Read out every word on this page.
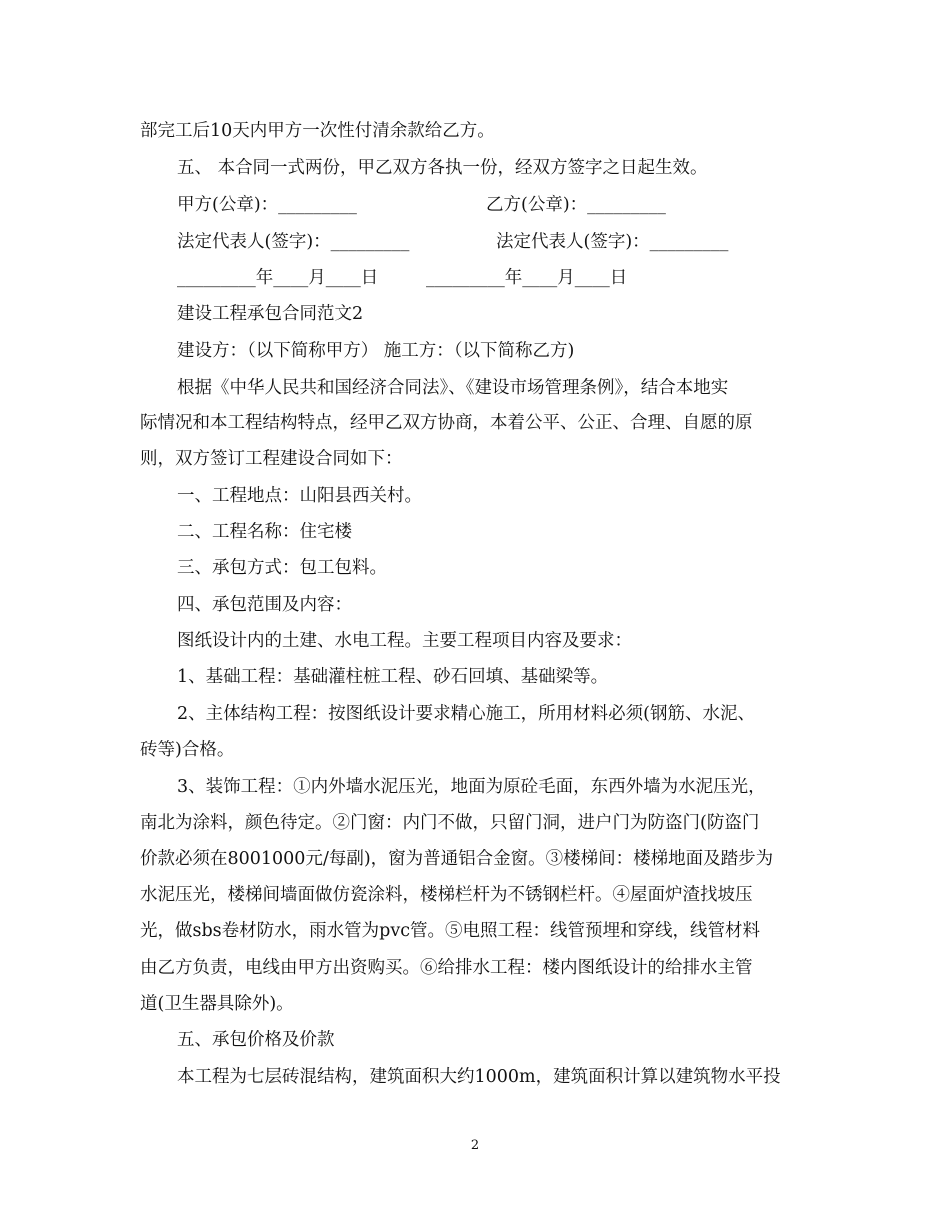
部完工后10天内甲方一次性付清余款给乙方。
五、 本合同一式两份，甲乙双方各执一份，经双方签字之日起生效。
甲方(公章)：_________	乙方(公章)：_________
法定代表人(签字)：_________	法定代表人(签字)：_________
_________年____月____日	_________年____月____日
建设工程承包合同范文2
建设方：（以下简称甲方） 施工方：（以下简称乙方)
根据《中华人民共和国经济合同法》、《建设市场管理条例》，结合本地实
际情况和本工程结构特点，经甲乙双方协商，本着公平、公正、合理、自愿的原
则，双方签订工程建设合同如下：
一、工程地点：山阳县西关村。
二、工程名称：住宅楼
三、承包方式：包工包料。
四、承包范围及内容：
图纸设计内的土建、水电工程。主要工程项目内容及要求：
1、基础工程：基础灌柱桩工程、砂石回填、基础梁等。
2、主体结构工程：按图纸设计要求精心施工，所用材料必须(钢筋、水泥、
砖等)合格。
3、装饰工程：①内外墙水泥压光，地面为原砼毛面，东西外墙为水泥压光，
南北为涂料，颜色待定。②门窗：内门不做，只留门洞，进户门为防盗门(防盗门
价款必须在8001000元/每副)，窗为普通铝合金窗。③楼梯间：楼梯地面及踏步为
水泥压光，楼梯间墙面做仿瓷涂料，楼梯栏杆为不锈钢栏杆。④屋面炉渣找坡压
光，做sbs卷材防水，雨水管为pvc管。⑤电照工程：线管预埋和穿线，线管材料
由乙方负责，电线由甲方出资购买。⑥给排水工程：楼内图纸设计的给排水主管
道(卫生器具除外)。
五、承包价格及价款
本工程为七层砖混结构，建筑面积大约1000m，建筑面积计算以建筑物水平投
2
